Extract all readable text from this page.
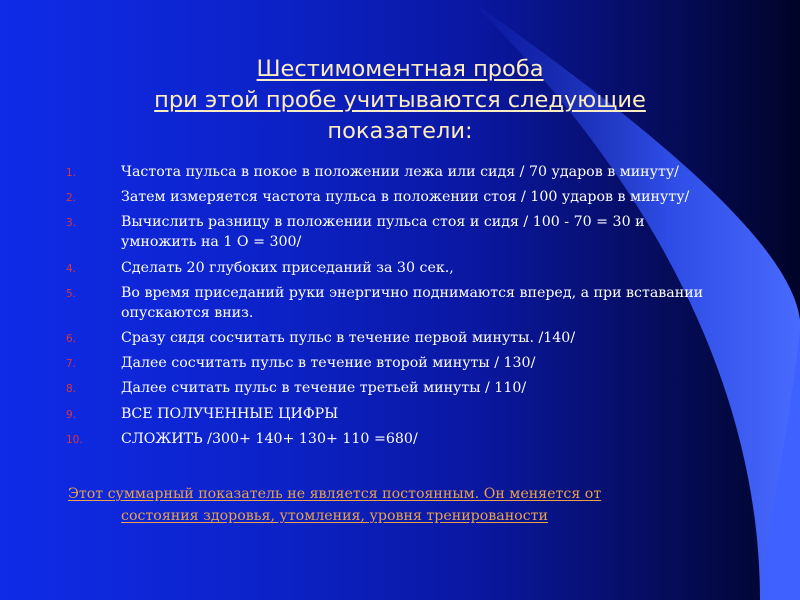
Шестимоментная проба
при этой пробе учитываются следующие
показатели:
1.	Частота пульса в покое в положении лежа или сидя / 70 ударов в минуту/
2.	Затем измеряется частота пульса в положении стоя / 100 ударов в минуту/
3.	Вычислить разницу в положении пульса стоя и сидя / 100 - 70 = 30 и умножить на 1 О = 300/
4.	Сделать 20 глубоких приседаний за 30 сек.,
5.	Во время приседаний руки энергично поднимаются вперед, а при вставании опускаются вниз.
6.	Сразу сидя сосчитать пульс в течение первой минуты. /140/
7.	Далее сосчитать пульс в течение второй минуты / 130/
8.	Далее считать пульс в течение третьей минуты / 110/
9.	ВСЕ ПОЛУЧЕННЫЕ ЦИФРЫ
10.	СЛОЖИТЬ /300+ 140+ 130+ 110 =680/
Этот суммарный показатель не является постоянным. Он меняется от
состояния здоровья, утомления, уровня тренированости
